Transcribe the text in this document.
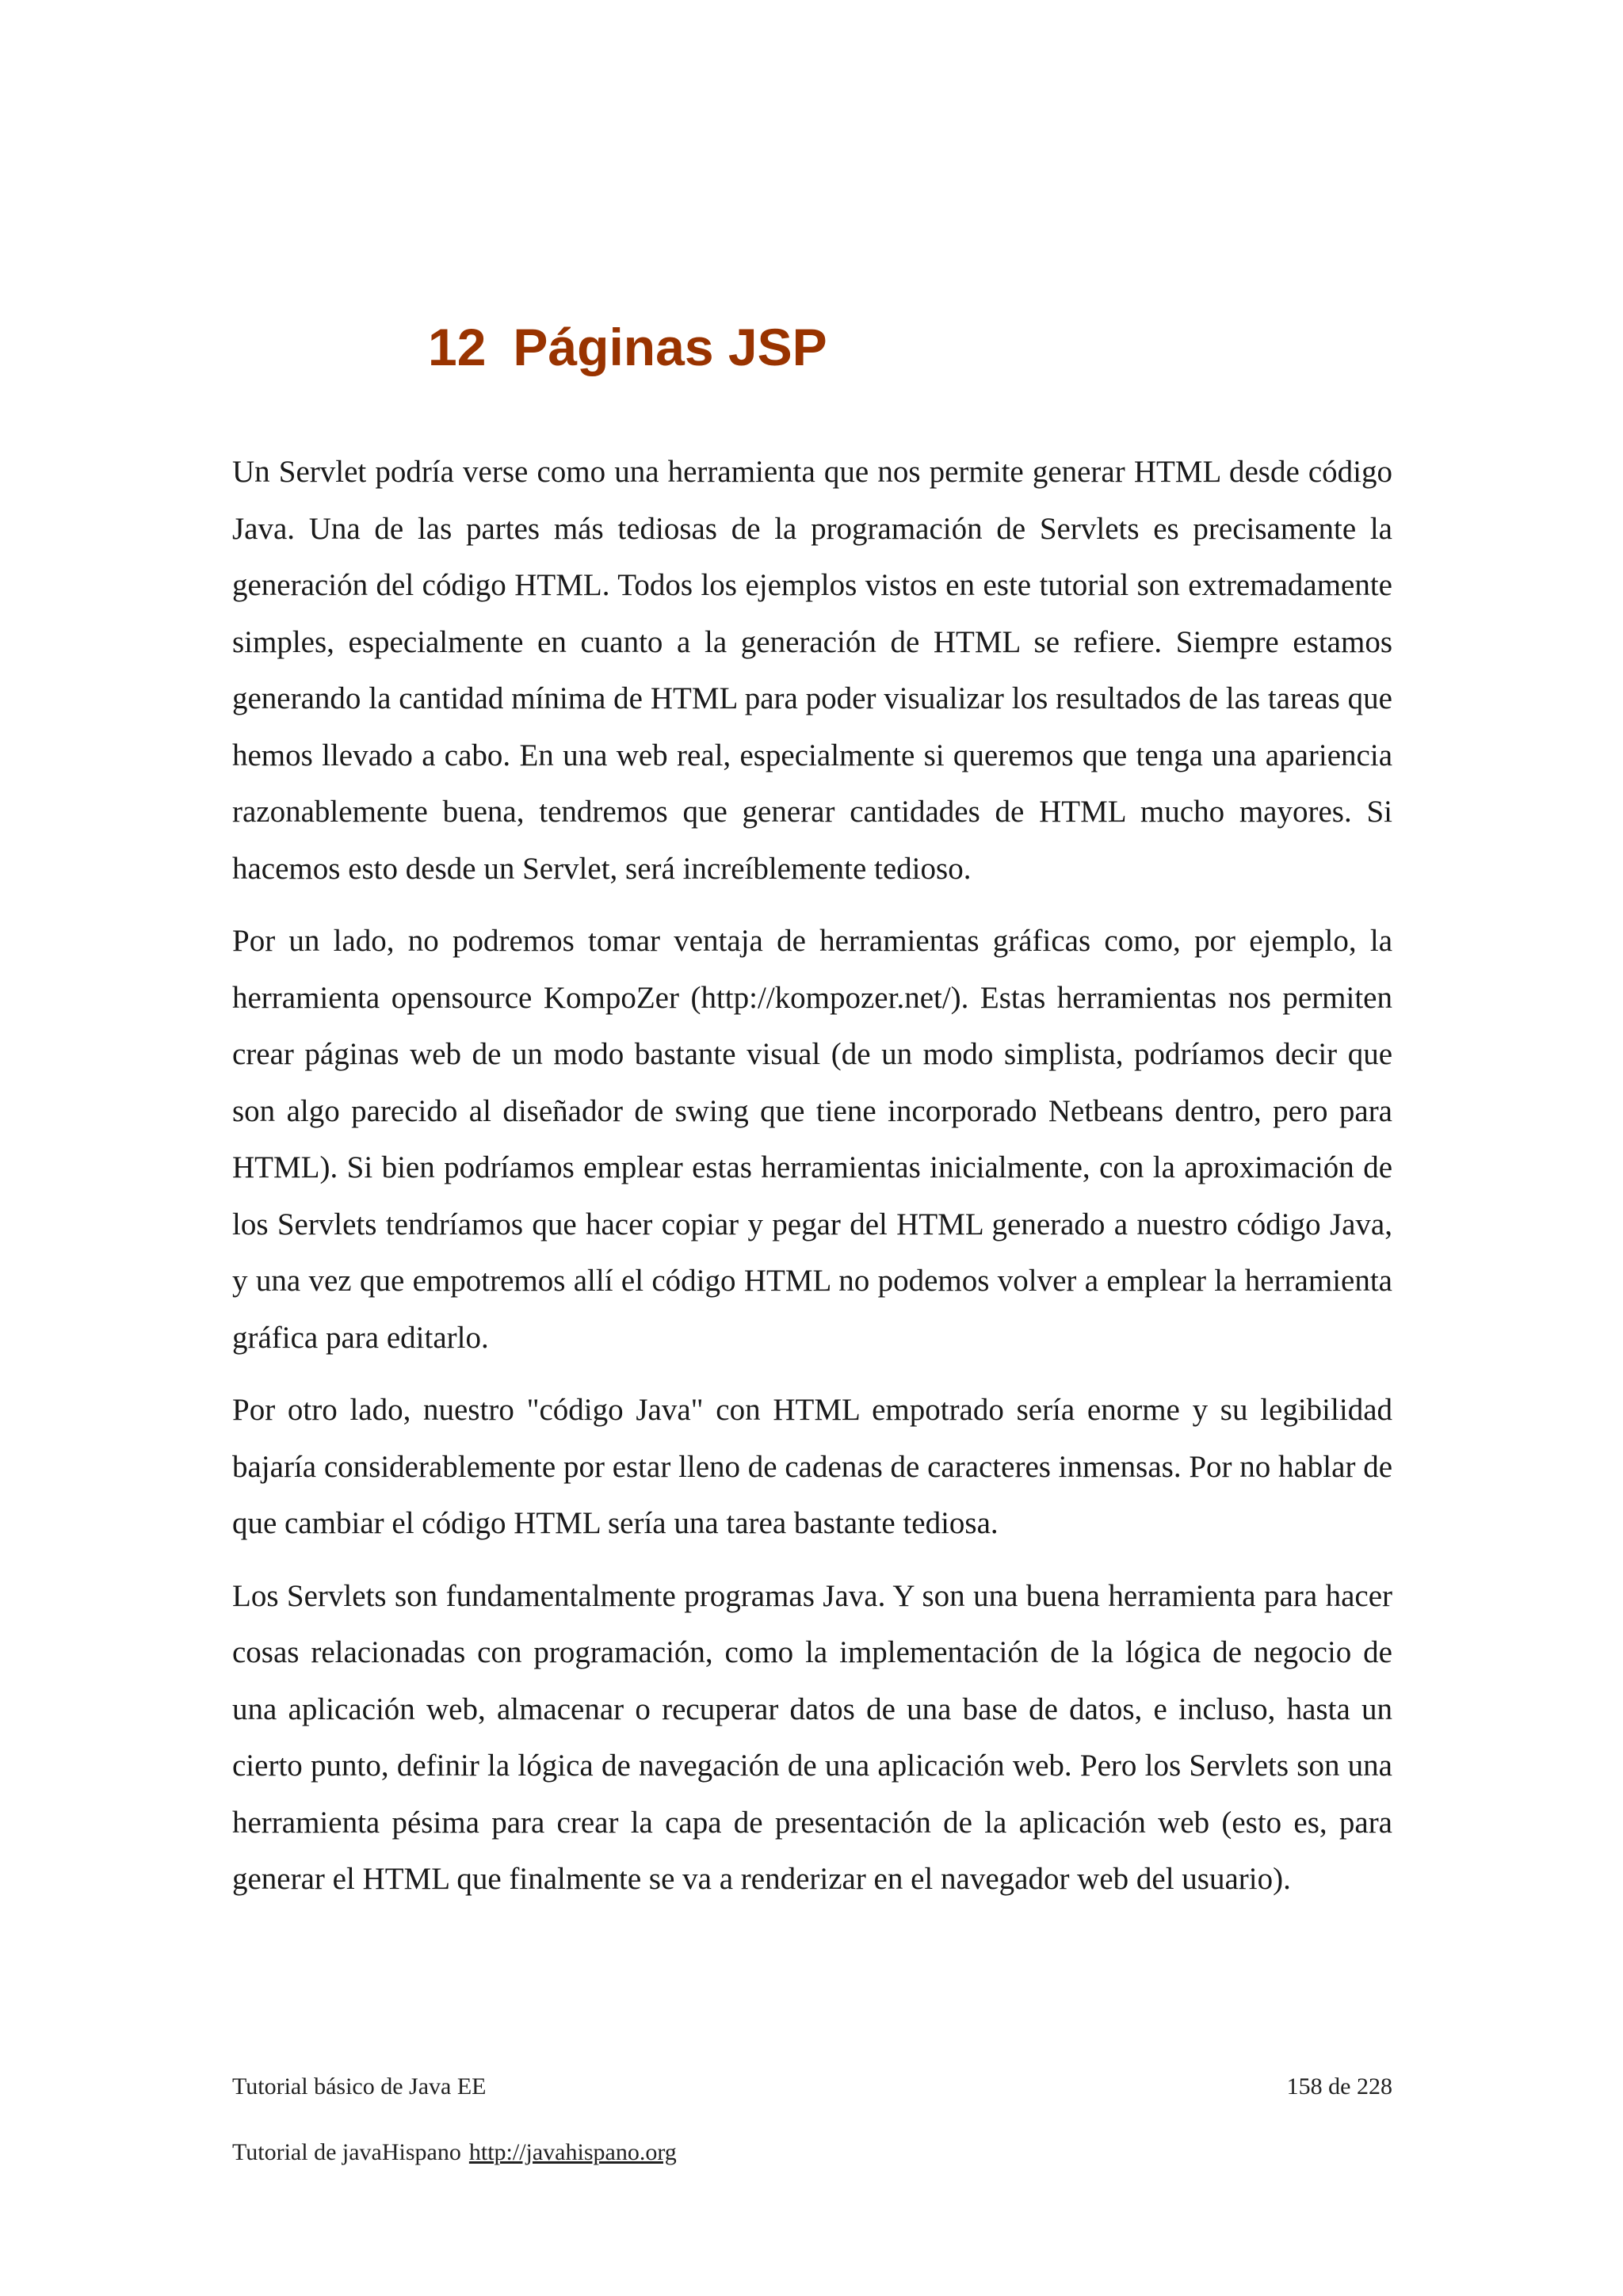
12 Páginas JSP

Un Servlet podría verse como una herramienta que nos permite generar HTML desde código Java. Una de las partes más tediosas de la programación de Servlets es precisamente la generación del código HTML. Todos los ejemplos vistos en este tutorial son extremadamente simples, especialmente en cuanto a la generación de HTML se refiere. Siempre estamos generando la cantidad mínima de HTML para poder visualizar los resultados de las tareas que hemos llevado a cabo. En una web real, especialmente si queremos que tenga una apariencia razonablemente buena, tendremos que generar cantidades de HTML mucho mayores. Si hacemos esto desde un Servlet, será increíblemente tedioso.

Por un lado, no podremos tomar ventaja de herramientas gráficas como, por ejemplo, la herramienta opensource KompoZer (http://kompozer.net/). Estas herramientas nos permiten crear páginas web de un modo bastante visual (de un modo simplista, podríamos decir que son algo parecido al diseñador de swing que tiene incorporado Netbeans dentro, pero para HTML). Si bien podríamos emplear estas herramientas inicialmente, con la aproximación de los Servlets tendríamos que hacer copiar y pegar del HTML generado a nuestro código Java, y una vez que empotremos allí el código HTML no podemos volver a emplear la herramienta gráfica para editarlo.

Por otro lado, nuestro "código Java" con HTML empotrado sería enorme y su legibilidad bajaría considerablemente por estar lleno de cadenas de caracteres inmensas. Por no hablar de que cambiar el código HTML sería una tarea bastante tediosa.

Los Servlets son fundamentalmente programas Java. Y son una buena herramienta para hacer cosas relacionadas con programación, como la implementación de la lógica de negocio de una aplicación web, almacenar o recuperar datos de una base de datos, e incluso, hasta un cierto punto, definir la lógica de navegación de una aplicación web. Pero los Servlets son una herramienta pésima para crear la capa de presentación de la aplicación web (esto es, para generar el HTML que finalmente se va a renderizar en el navegador web del usuario).

Tutorial básico de Java EE	158 de 228
Tutorial de javaHispano http://javahispano.org
